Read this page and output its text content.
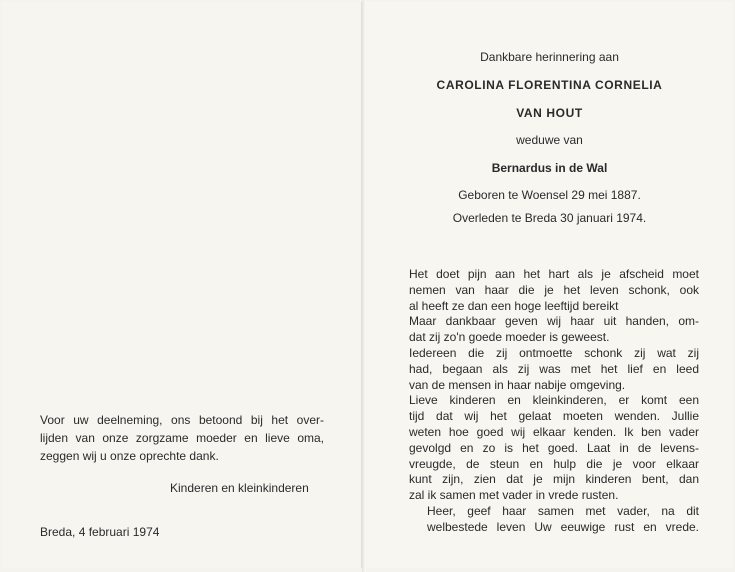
Dankbare herinnering aan
CAROLINA FLORENTINA CORNELIA
VAN HOUT
weduwe van
Bernardus in de Wal
Geboren te Woensel 29 mei 1887.
Overleden te Breda 30 januari 1974.
Het doet pijn aan het hart als je afscheid moet
nemen van haar die je het leven schonk, ook
al heeft ze dan een hoge leeftijd bereikt
Maar dankbaar geven wij haar uit handen, om-
dat zij zo'n goede moeder is geweest.
Iedereen die zij ontmoette schonk zij wat zij
had, begaan als zij was met het lief en leed
van de mensen in haar nabije omgeving.
Lieve kinderen en kleinkinderen, er komt een
tijd dat wij het gelaat moeten wenden. Jullie
weten hoe goed wij elkaar kenden. Ik ben vader
gevolgd en zo is het goed. Laat in de levens-
vreugde, de steun en hulp die je voor elkaar
kunt zijn, zien dat je mijn kinderen bent, dan
zal ik samen met vader in vrede rusten.
Heer, geef haar samen met vader, na dit
welbestede leven Uw eeuwige rust en vrede.
Voor uw deelneming, ons betoond bij het over-
lijden van onze zorgzame moeder en lieve oma,
zeggen wij u onze oprechte dank.
Kinderen en kleinkinderen
Breda, 4 februari 1974
